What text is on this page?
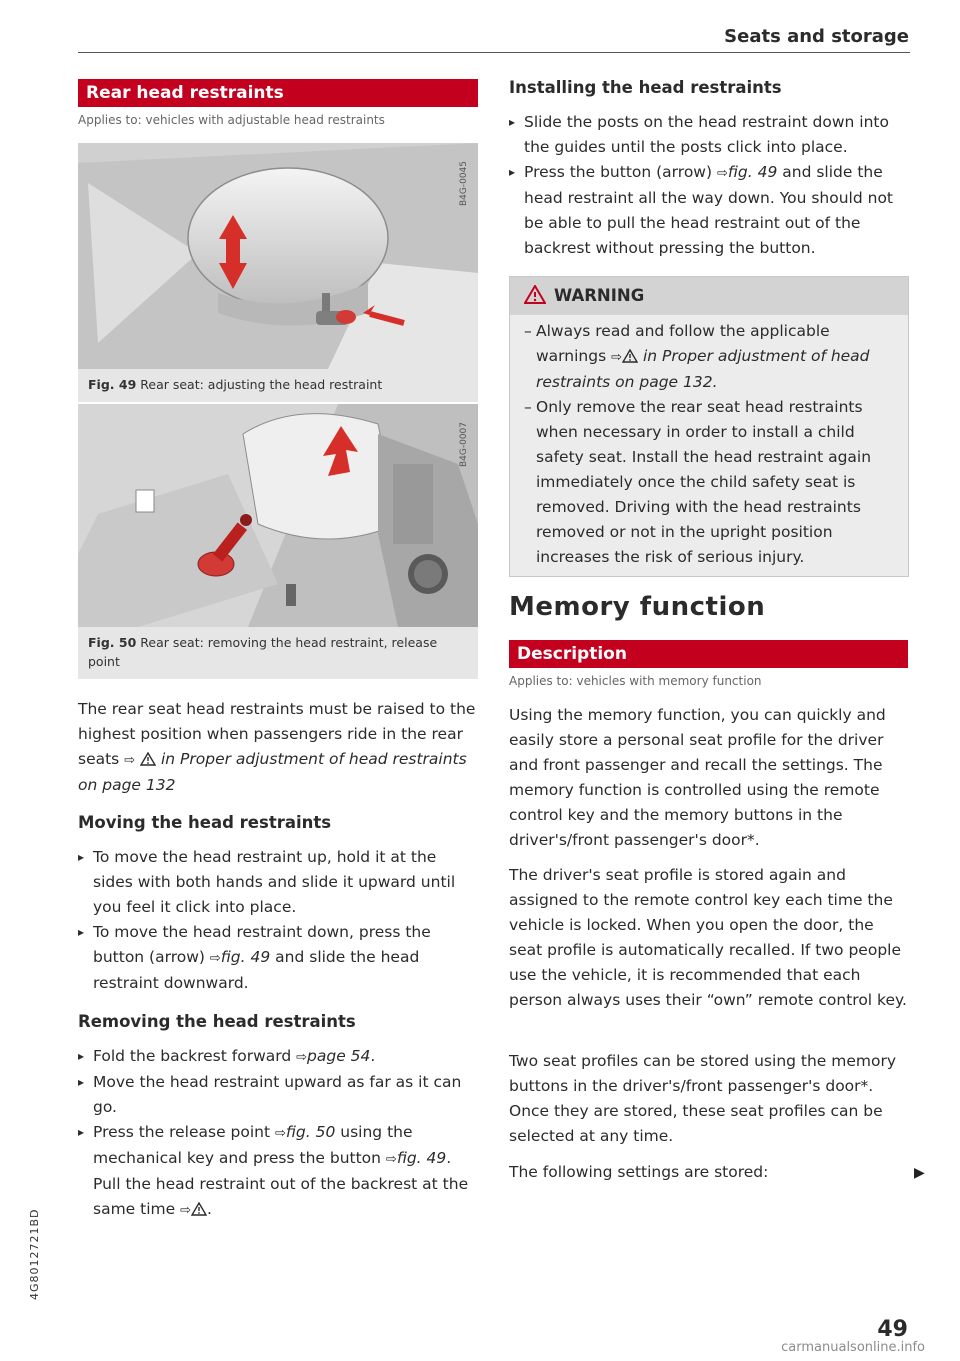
Seats and storage
Rear head restraints
Applies to: vehicles with adjustable head restraints
B4G-0045
Fig. 49 Rear seat: adjusting the head restraint
B4G-0007
Fig. 50 Rear seat: removing the head restraint, release point

The rear seat head restraints must be raised to the highest position when passengers ride in the rear seats ⇨ in Proper adjustment of head restraints on page 132

Moving the head restraints
▸ To move the head restraint up, hold it at the sides with both hands and slide it upward until you feel it click into place.
▸ To move the head restraint down, press the button (arrow) ⇨fig. 49 and slide the head restraint downward.
Removing the head restraints
▸ Fold the backrest forward ⇨page 54.
▸ Move the head restraint upward as far as it can go.
▸ Press the release point ⇨fig. 50 using the mechanical key and press the button ⇨fig. 49. Pull the head restraint out of the backrest at the same time ⇨ .
Installing the head restraints
▸ Slide the posts on the head restraint down into the guides until the posts click into place.
▸ Press the button (arrow) ⇨fig. 49 and slide the head restraint all the way down. You should not be able to pull the head restraint out of the backrest without pressing the button.
WARNING
– Always read and follow the applicable warnings ⇨ in Proper adjustment of head restraints on page 132.
– Only remove the rear seat head restraints when necessary in order to install a child safety seat. Install the head restraint again immediately once the child safety seat is removed. Driving with the head restraints removed or not in the upright position increases the risk of serious injury.
Memory function
Description
Applies to: vehicles with memory function

Using the memory function, you can quickly and easily store a personal seat profile for the driver and front passenger and recall the settings. The memory function is controlled using the remote control key and the memory buttons in the driver's/front passenger's door*.

The driver's seat profile is stored again and assigned to the remote control key each time the vehicle is locked. When you open the door, the seat profile is automatically recalled. If two people use the vehicle, it is recommended that each person always uses their “own” remote control key.

Two seat profiles can be stored using the memory buttons in the driver's/front passenger's door*. Once they are stored, these seat profiles can be selected at any time.

The following settings are stored:	▶
4G8012721BD
49
carmanualsonline.info
